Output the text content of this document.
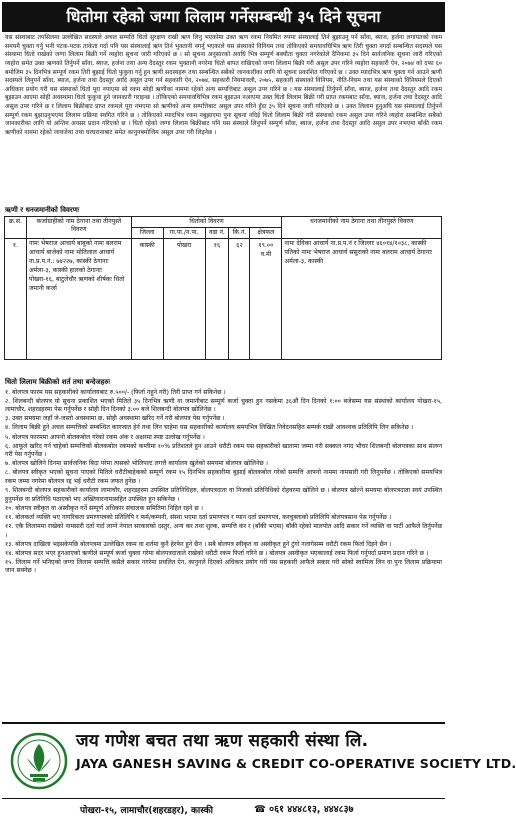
धितोमा रहेको जग्गा लिलाम गर्नेसम्बन्धी ३५ दिने सूचना
यस संस्थाबाट तपसिलमा उल्लेखित सदस्यले अचल सम्पत्ति धितो सुरक्षण राखी ऋण लिनु भएकोमा उक्त ऋण रकम नियमित रुपमा संस्थालाई तिर्न बुझाउनु पर्ने साँवा, ब्याज, हर्जना लगायतको रकम समयमै चुक्ता गर्नु भनी पटक-पटक ताकेता गर्दा पनि यस संस्थालाई ऋण तिर्न भुक्तानी नगर्नु भएकाले यस संस्थाको विनियम तथा तोकिएको समयावधिभित्र ऋण तिरी चुक्ता नगर्दा सम्बन्धित सदस्यले यस संस्थामा धितो राखेको जग्गा लिलाम बिक्री गर्ने व्यहोरा सूचना जारी गरिएको छ । सो सूचना अनुसारको अवधि भित्र सम्पूर्ण बक्यौता चुक्ता नगरेकोले दैनिकमा ३५ दिने सार्वजनिक सूचना जारी गरिएको व्यहोरा समेत उक्त ऋणको तिर्नुपर्ने साँवा, ब्याज, हर्जना तथा अन्य दैदस्तुर रकम भुक्तानी नगरेमा धितो बापत राखिएको जग्गा लिलाम बिक्री गरी असुल उपर गरिने व्यहोरा सहकारी ऐन, २०७४ को दफा ६० बमोजिम ३५ दिनभित्र सम्पूर्ण रकम तिरी बुझाई धितो फुकुवा गर्नु हुन ऋणी सदस्यहरू तथा सम्बन्धित सबैको जानकारीका लागि यो सूचना प्रकाशित गरिएको छ । उक्त म्यादभित्र ऋण चुक्ता गर्न आउने ऋणी सदस्यले लिनुपर्ने साँवा, ब्याज, हर्जना तथा दैदस्तुर आदि असुल उपर गर्न सहकारी ऐन, २०७४, सहकारी नियमावली, २०७५, सहकारी संस्थाको विनियम, नीति-नियम तथा यस संस्थाको विनियमले दिएको अधिकार प्रयोग गरी यस संस्थाको धितो पूरा नपाएमा सो रकम सोही ऋणीका नाममा रहेको अन्य सम्पत्तिबाट असुल उपर गरिने छ । यस संस्थालाई तिर्नुपर्ने साँवा, ब्याज, हर्जना तथा दैदस्तुर आदि रकम बुझाउन आएमा सोही अवस्थामा धितो फुकुवा हुने जानकारी गराइन्छ । तोकिएको समयावधिभित्र रकम बुझाउन नआएमा उक्त धितो लिलाम बिक्री गरी प्राप्त रकमबाट साँवा, ब्याज, हर्जना तथा दैदस्तुर आदि असुल उपर गरिने छ र लिलाम बिक्रीबाट प्राप्त रकमले पूरा नभएमा सो ऋणीको अन्य सम्पत्तिबाट असुल उपर गरिने हुँदा ३५ दिने सूचना जारी गरिएको छ । उक्त लिलाम हुनुअघि यस संस्थालाई तिर्नुपर्ने सम्पूर्ण रकम बुझाउनुभएमा लिलाम प्रक्रिया स्थगित गरिने छ । तोकिएको म्यादभित्र रकम नबुझाएमा पुनः सूचना नदिई धितो लिलाम बिक्री गरी संस्थाको रकम असुल उपर गरिने व्यहोरा सम्बन्धित सबैको जानकारीका लागि यो अन्तिम अवसर प्रदान गरिएको छ । धितो रहेको जग्गा लिलाम बिक्रीबाट पनि यस संस्थाले लिनुपर्ने सम्पूर्ण साँवा, ब्याज, हर्जना तथा दैदस्तुर आदि असुल उपर नभएमा बाँकी रकम ऋणीको नाममा रहेको जायजेथा तथा घरघरानाबाट समेत कानुनबमोजिम असुल उपर गरी लिइनेछ ।
ऋणी र धनजमानीको विवरणः
क्र.सं.	कर्जाग्राहीको नाम ठेगाना तथा तीनपुस्ते विवरण	धितोको विवरण					धनजमानीको नाम ठेगाना तथा तीनपुस्ते विवरण
		जिल्ला	गा.पा./न.पा.	वडा नं.	कि.नं.	क्षेत्रफल	
१.	नामः भेषराज आचार्य बाबुको नामः बलराम आचार्य बाजेको नामः मोतिलाल आचार्य ना.प्र.प.नं.: ७४२२७, कास्की ठेगानाः अर्मला-३, कास्की हालको ठेगानाः पोखरा-१६, बाटुलेचौर ऋणको शीर्षकः धितो जमानी कर्जा	कास्की	पोखरा	१६	६२	१९.०० व.मी	नामः देविका आचार्य ना.प्र.प.नं र जिल्लाः ४६०१४/१०३८, कास्की पतिको नामः भेषराज आचार्य ससुराको नामः बलराम आचार्य ठेगानाः अर्मला-३, कास्की
धितो लिलाम बिक्रीको शर्त तथा बन्देजहरुः

१. बोलपत्र फारम यस सहकारीको कार्यालयबाट रु.५००/- (फिर्ता नहुने गरी) तिरी प्राप्त गर्न सकिनेछ ।

२. शिलबन्दी बोलपत्र यो सूचना प्रकाशित भएको मितिले ३५ दिनभित्र ऋणी वा जमानीबाट सम्पूर्ण कर्जा चुक्ता हुन नसकेमा ३६औं दिन दिनको १:०० बजेसम्म यस संस्थाको कार्यालय पोखरा-१५, लामाचौर, शहरडहरमा पेस गर्नुपर्नेछ र सोही दिन दिनको ३:०० बजे शिलबन्दी बोलपत्र खोलिनेछ ।

३. उक्त समयमा जहाँ जे-जस्तो अवस्थामा छ, सोही अवस्थामा खरिद गर्ने गरी बोलपत्र पेस गर्नुपर्नेछ ।

४. लिलाम बिक्री हुने अचल सम्पत्तिको सम्बन्धित कागजात हेर्न तथा लिन चाहेमा यस सहकारीको कार्यालय समयभित्र लिखित निवेदनसहित सम्पर्क राखी आवश्यक प्रतिलिपि लिन सकिनेछ ।

५. बोलपत्र फारममा आफ्नो बोलकबोल गरेको रकम अंक र अक्षरमा स्पष्ट उल्लेख गर्नुपर्नेछ ।

६. आफूले खरिद गर्न चाहेको सम्पत्तिको बोलकबोल रकमको कम्तीमा १०% प्रतिशतले हुन आउने धरौटी रकम यस सहकारीको खातामा जम्मा गरी सक्कल नगद भौचर शिलबन्दी बोलपत्रका साथ संलग्न गरी पेस गर्नुपर्नेछ ।

७. बोलपत्र खोलिने दिनमा सार्वजनिक बिदा परेमा त्यसको भोलिपल्ट लगत्तै कार्यालय खुलेको समयमा बोलपत्र खोलिनेछ ।

८. बोलपत्र स्वीकृत भएको सूचना पाएको मितिले धरौटीबाहेकको सम्पूर्ण रकम १५ दिनभित्र सहकारीमा बुझाई बोलकबोल गरेको सम्पत्ति आफ्नो नाममा नामसारी गरी लिनुपर्नेछ । तोकिएको समयभित्र रकम जम्मा नगरेमा बोलपत्र रद्द भई धरौटी रकम जफत हुनेछ ।

९. शिलबन्दी बोलपत्र सहकारीको कार्यालय लामाचौर, शहरडहरमा उपस्थित प्रतिनिधिहरु, बोलपत्रदाता वा निजको प्रतिनिधिको रोहवरमा खोलिने छ । बोलपत्र खोल्ने समयमा बोलपत्रदाता स्वयं उपस्थित हुनुपर्नेछ वा प्रतिनिधि पठाएको भए अख्तियारनामासहित उपस्थित हुन सकिनेछ ।

१०. बोलपत्र स्वीकृत वा अस्वीकृत गर्ने सम्पूर्ण अधिकार संचालक समितिमा निहित रहने छ ।

११. बोलकर्ता व्यक्ति भए नागरिकता प्रमाणपत्रको प्रतिलिपि र फर्म/कम्पनी, संस्था भएमा दर्ता प्रमाणपत्र र प्यान दर्ता प्रमाणपत्र, करचुक्ताको प्रतिलिपि बोलपत्रसाथ पेस गर्नुपर्नेछ ।

१२. एकै लिलाममा राखेको नामसारी दर्ता गर्दा लाग्ने नेपाल सरकारको दस्तुर, अन्य कर तथा शुल्क, सम्पत्ति कर र (बाँकी भएमा) बाँकी रहेको मालपोत आदि सकार गर्ने व्यक्ति वा पार्टी आफैले तिर्नुपर्नेछ ।

१३. बोलपत्र दाखिला भइसकेपछि बोलपत्रमा उल्लेखित रकम वा शर्तमा कुनै हेरफेर हुने छैन । सबै बोलपत्र स्वीकृत वा अस्वीकृत हुने टुंगो नलागेसम्म धरौटी रकम फिर्ता दिइने छैन ।

१४. बोलपत्र सदर भएर हुनआएको ऋणीले सम्पूर्ण कर्जा चुक्ता गरेमा बोलपत्रदाताले राखेको धरौटी रकम फिर्ता गरिने छ । बोलपत्र अस्वीकृत भएकालाई रकम फिर्ता गर्नुपर्दा प्रमाण प्रदान गरिने छ ।

१५. लिलाम गर्ने भनिएको जग्गा लिलाम सम्पत्ति कसैले सकार नगरेमा प्रचलित ऐन, कानुनले दिएको अधिकार प्रयोग गरी यस सहकारी आफैले सकार गरी सोको स्वामित्व लिन वा पुनः लिलाम प्रक्रियामा जान सक्नेछ ।

जय गणेश बचत तथा ऋण सहकारी संस्था लि.
JAYA GANESH SAVING & CREDIT CO-OPERATIVE SOCIETY LTD.
पोखरा-१५, लामाचौर(शहरडहर), कास्की	☎ ०६१ ४४४८१३, ४४४८३७
